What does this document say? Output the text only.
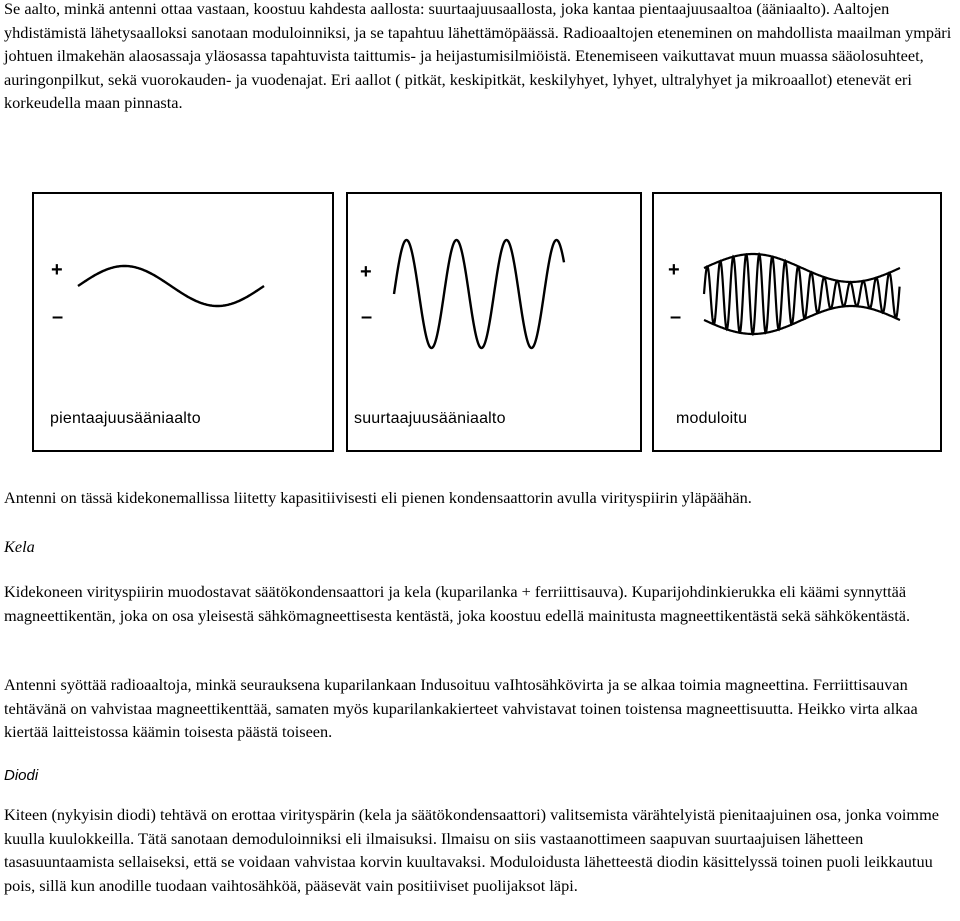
Se aalto, minkä antenni ottaa vastaan, koostuu kahdesta aallosta: suurtaajuusaallosta, joka kantaa pientaajuusaaltoa (ääniaalto). Aaltojen yhdistämistä lähetysaalloksi sanotaan moduloinniksi, ja se tapahtuu lähettämöpäässä. Radioaaltojen eteneminen on mahdollista maailman ympäri johtuen ilmakehän alaosassaja yläosassa tapahtuvista taittumis- ja heijastumisilmiöistä. Etenemiseen vaikuttavat muun muassa sääolosuhteet, auringonpilkut, sekä vuorokauden- ja vuodenajat. Eri aallot ( pitkät, keskipitkät, keskilyhyet, lyhyet, ultralyhyet ja mikroaallot) etenevät eri korkeudella maan pinnasta.

+
–
pientaajuusääniaalto
+
–
suurtaajuusääniaalto
+
–
moduloitu

Antenni on tässä kidekonemallissa liitetty kapasitiivisesti eli pienen kondensaattorin avulla virityspiirin yläpäähän.

Kela

Kidekoneen virityspiirin muodostavat säätökondensaattori ja kela (kuparilanka + ferriittisauva). Kuparijohdinkierukka eli käämi synnyttää magneettikentän, joka on osa yleisestä sähkömagneettisesta kentästä, joka koostuu edellä mainitusta magneettikentästä sekä sähkökentästä.

Antenni syöttää radioaaltoja, minkä seurauksena kuparilankaan Indusoituu vaIhtosähkövirta ja se alkaa toimia magneettina. Ferriittisauvan tehtävänä on vahvistaa magneettikenttää, samaten myös kuparilankakierteet vahvistavat toinen toistensa magneettisuutta. Heikko virta alkaa kiertää laitteistossa käämin toisesta päästä toiseen.

Diodi

Kiteen (nykyisin diodi) tehtävä on erottaa virityspärin (kela ja säätökondensaattori) valitsemista värähtelyistä pienitaajuinen osa, jonka voimme kuulla kuulokkeilla. Tätä sanotaan demoduloinniksi eli ilmaisuksi. Ilmaisu on siis vastaanottimeen saapuvan suurtaajuisen lähetteen tasasuuntaamista sellaiseksi, että se voidaan vahvistaa korvin kuultavaksi. Moduloidusta lähetteestä diodin käsittelyssä toinen puoli leikkautuu pois, sillä kun anodille tuodaan vaihtosähköä, pääsevät vain positiiviset puolijaksot läpi.
